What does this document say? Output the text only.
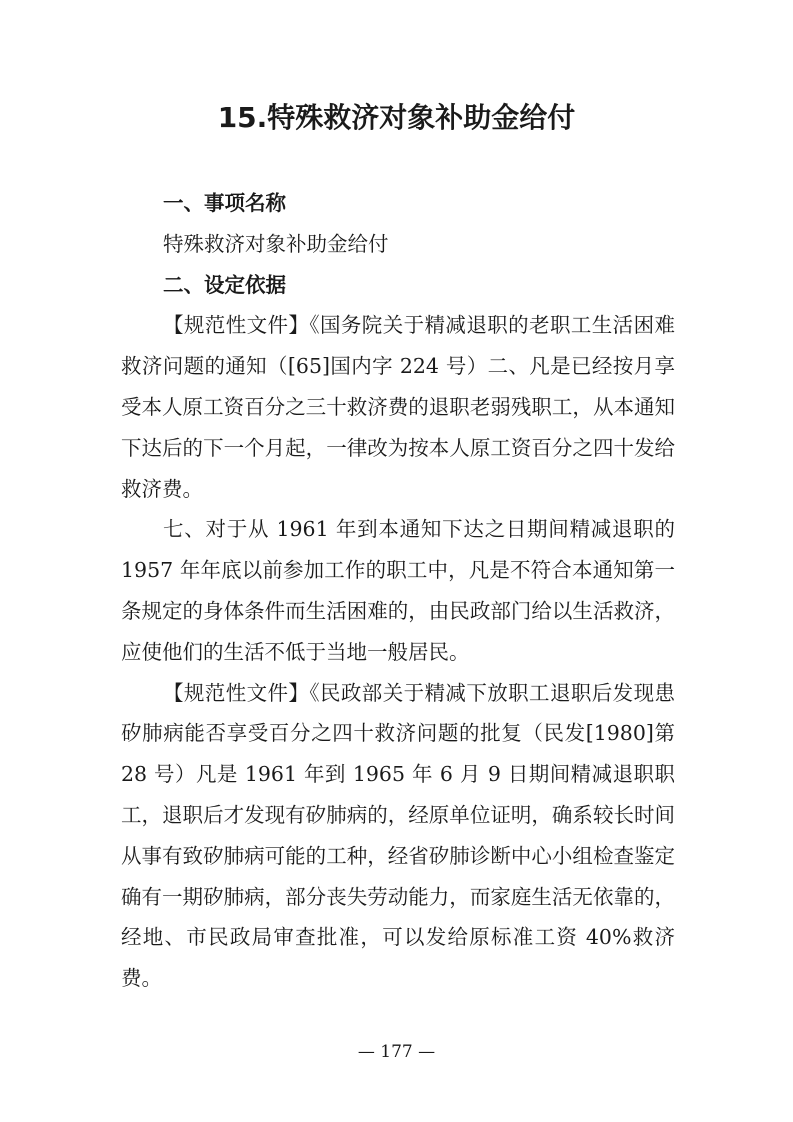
15.特殊救济对象补助金给付

一、事项名称

特殊救济对象补助金给付

二、设定依据

【规范性文件】《国务院关于精减退职的老职工生活困难救济问题的通知（[65]国内字 224 号）二、凡是已经按月享受本人原工资百分之三十救济费的退职老弱残职工，从本通知下达后的下一个月起，一律改为按本人原工资百分之四十发给救济费。

七、对于从 1961 年到本通知下达之日期间精减退职的 1957 年年底以前参加工作的职工中，凡是不符合本通知第一条规定的身体条件而生活困难的，由民政部门给以生活救济，应使他们的生活不低于当地一般居民。

【规范性文件】《民政部关于精减下放职工退职后发现患矽肺病能否享受百分之四十救济问题的批复（民发[1980]第 28 号）凡是 1961 年到 1965 年 6 月 9 日期间精减退职职工，退职后才发现有矽肺病的，经原单位证明，确系较长时间从事有致矽肺病可能的工种，经省矽肺诊断中心小组检查鉴定确有一期矽肺病，部分丧失劳动能力，而家庭生活无依靠的，经地、市民政局审查批准，可以发给原标准工资 40%救济费。

— 177 —
